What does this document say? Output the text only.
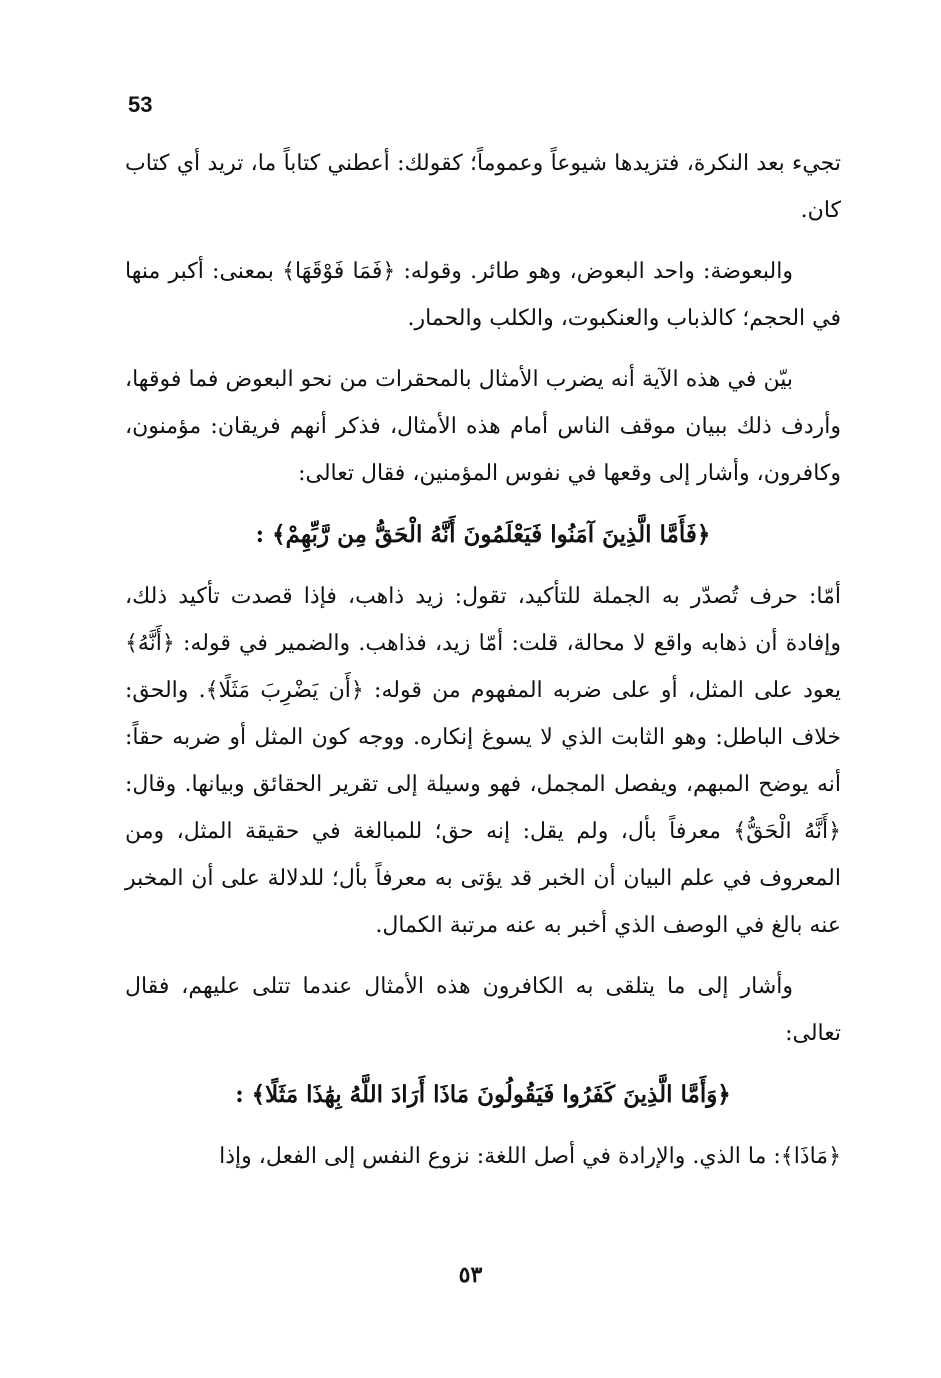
53

تجيء بعد النكرة، فتزيدها شيوعاً وعموماً؛ كقولك: أعطني كتاباً ما، تريد أي كتاب كان.

والبعوضة: واحد البعوض، وهو طائر. وقوله: ﴿فَمَا فَوْقَهَا﴾ بمعنى: أكبر منها في الحجم؛ كالذباب والعنكبوت، والكلب والحمار.

بيّن في هذه الآية أنه يضرب الأمثال بالمحقرات من نحو البعوض فما فوقها، وأردف ذلك ببيان موقف الناس أمام هذه الأمثال، فذكر أنهم فريقان: مؤمنون، وكافرون، وأشار إلى وقعها في نفوس المؤمنين، فقال تعالى:

﴿فَأَمَّا الَّذِينَ آمَنُوا فَيَعْلَمُونَ أَنَّهُ الْحَقُّ مِن رَّبِّهِمْ﴾ :

أمّا: حرف تُصدّر به الجملة للتأكيد، تقول: زيد ذاهب، فإذا قصدت تأكيد ذلك، وإفادة أن ذهابه واقع لا محالة، قلت: أمّا زيد، فذاهب. والضمير في قوله: ﴿أَنَّهُ﴾ يعود على المثل، أو على ضربه المفهوم من قوله: ﴿أَن يَضْرِبَ مَثَلًا﴾. والحق: خلاف الباطل: وهو الثابت الذي لا يسوغ إنكاره. ووجه كون المثل أو ضربه حقاً: أنه يوضح المبهم، ويفصل المجمل، فهو وسيلة إلى تقرير الحقائق وبيانها. وقال: ﴿أَنَّهُ الْحَقُّ﴾ معرفاً بأل، ولم يقل: إنه حق؛ للمبالغة في حقيقة المثل، ومن المعروف في علم البيان أن الخبر قد يؤتى به معرفاً بأل؛ للدلالة على أن المخبر عنه بالغ في الوصف الذي أخبر به عنه مرتبة الكمال.

وأشار إلى ما يتلقى به الكافرون هذه الأمثال عندما تتلى عليهم، فقال تعالى:

﴿وَأَمَّا الَّذِينَ كَفَرُوا فَيَقُولُونَ مَاذَا أَرَادَ اللَّهُ بِهَٰذَا مَثَلًا﴾ :

﴿مَاذَا﴾: ما الذي. والإرادة في أصل اللغة: نزوع النفس إلى الفعل، وإذا

٥٣
